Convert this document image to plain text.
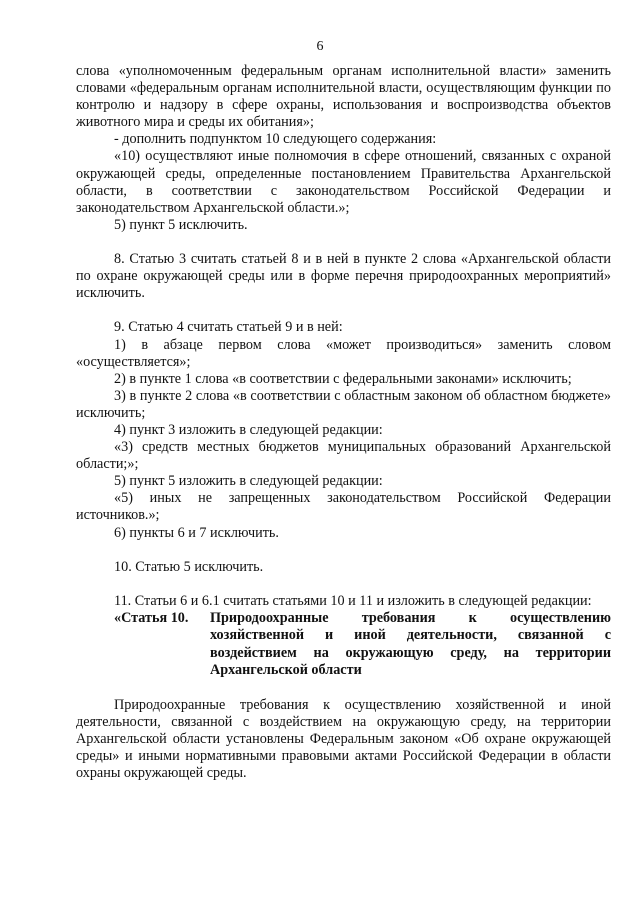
6

слова «уполномоченным федеральным органам исполнительной власти» заменить словами «федеральным органам исполнительной власти, осуществляющим функции по контролю и надзору в сфере охраны, использования и воспроизводства объектов животного мира и среды их обитания»;

- дополнить подпунктом 10 следующего содержания:

«10) осуществляют иные полномочия в сфере отношений, связанных с охраной окружающей среды, определенные постановлением Правительства Архангельской области, в соответствии с законодательством Российской Федерации и законодательством Архангельской области.»;

5) пункт 5 исключить.

8. Статью 3 считать статьей 8 и в ней в пункте 2 слова «Архангельской области по охране окружающей среды или в форме перечня природоохранных мероприятий» исключить.

9. Статью 4 считать статьей 9 и в ней:

1) в абзаце первом слова «может производиться» заменить словом «осуществляется»;

2) в пункте 1 слова «в соответствии с федеральными законами» исключить;

3) в пункте 2 слова «в соответствии с областным законом об областном бюджете» исключить;

4) пункт 3 изложить в следующей редакции:

«3) средств местных бюджетов муниципальных образований Архангельской области;»;

5) пункт 5 изложить в следующей редакции:

«5) иных не запрещенных законодательством Российской Федерации источников.»;

6) пункты 6 и 7 исключить.

10. Статью 5 исключить.

11. Статьи 6 и 6.1 считать статьями 10 и 11 и изложить в следующей редакции:

«Статья 10.	Природоохранные требования к осуществлению хозяйственной и иной деятельности, связанной с воздействием на окружающую среду, на территории Архангельской области

Природоохранные требования к осуществлению хозяйственной и иной деятельности, связанной с воздействием на окружающую среду, на территории Архангельской области установлены Федеральным законом «Об охране окружающей среды» и иными нормативными правовыми актами Российской Федерации в области охраны окружающей среды.
